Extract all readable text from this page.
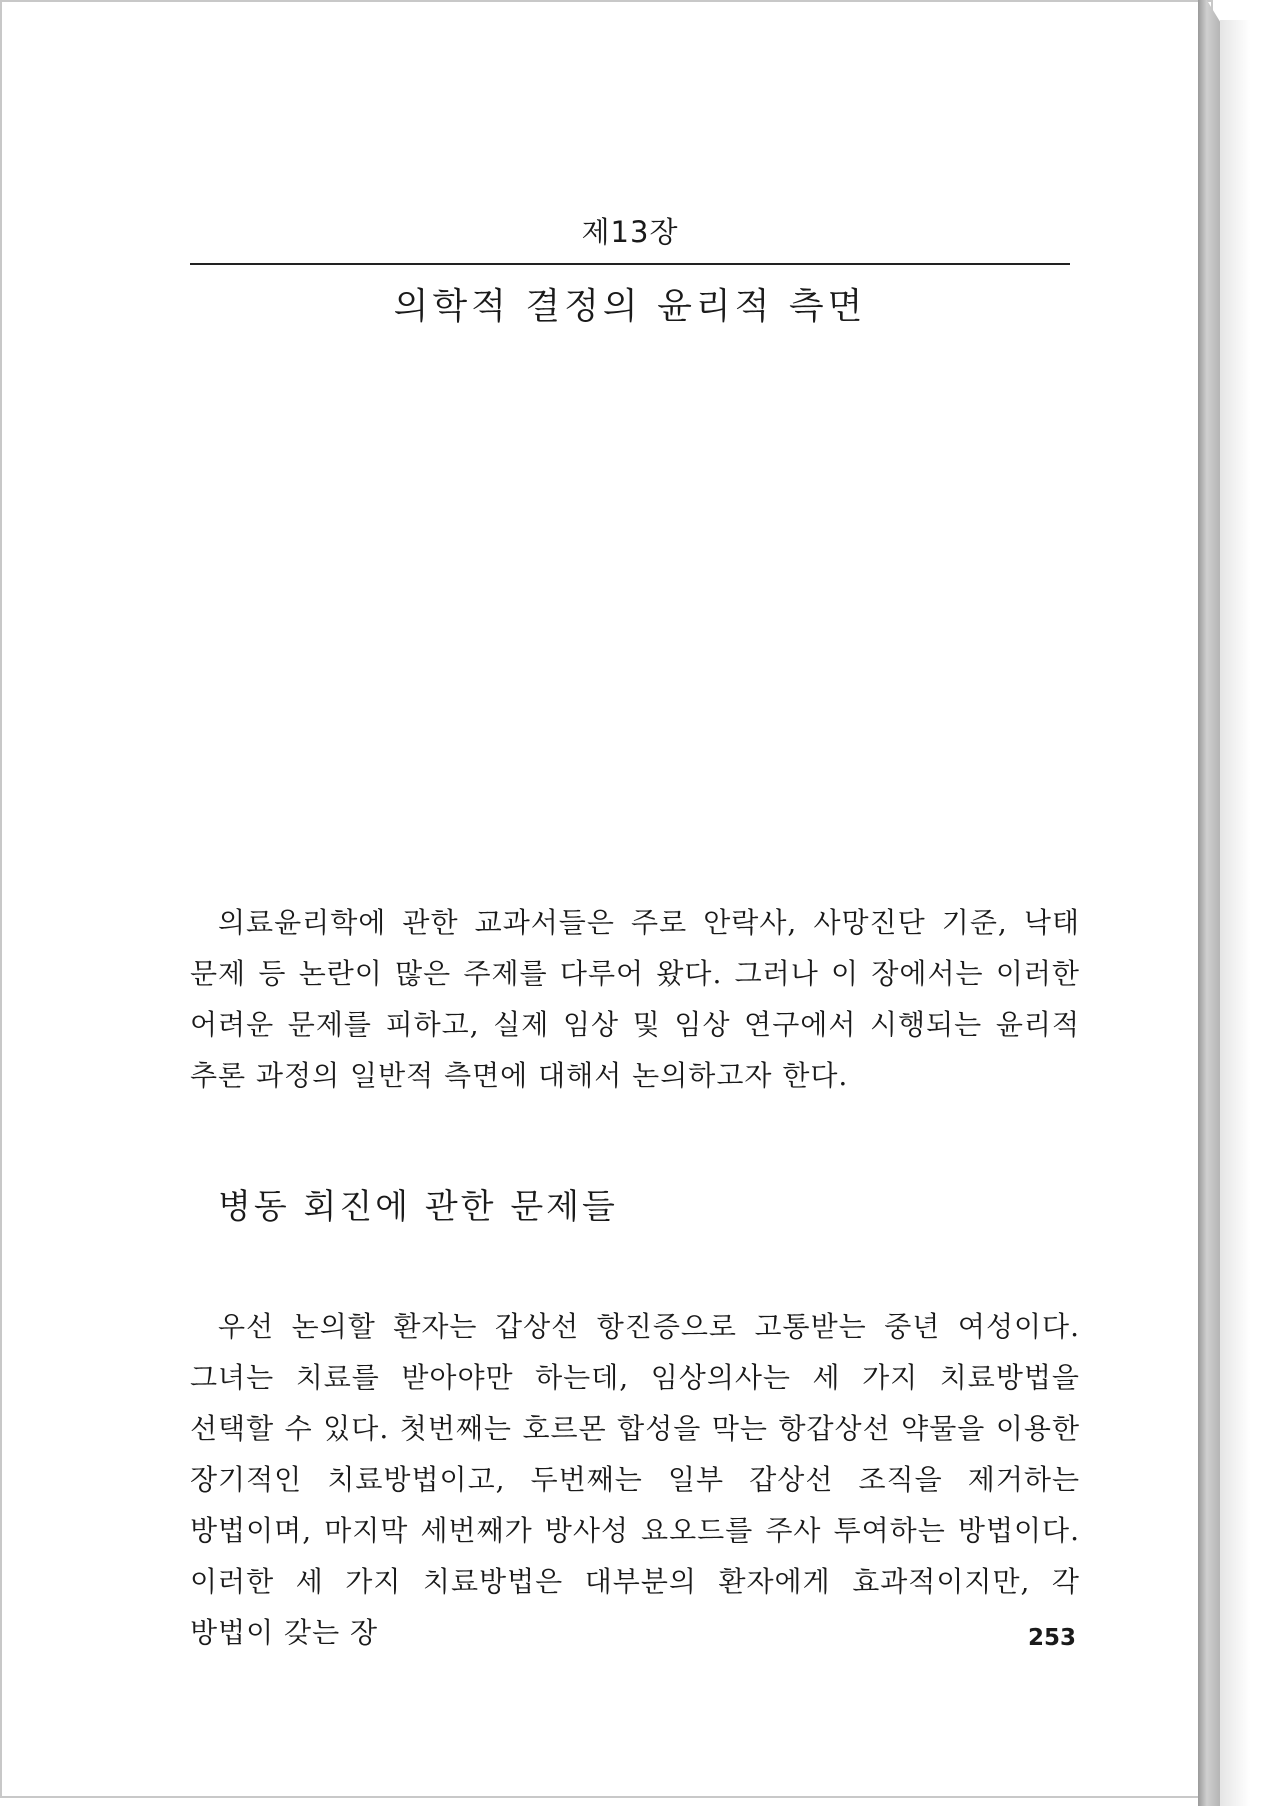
제13장
의학적 결정의 윤리적 측면

의료윤리학에 관한 교과서들은 주로 안락사, 사망진단 기준, 낙태 문제 등 논란이 많은 주제를 다루어 왔다. 그러나 이 장에서는 이러한 어려운 문제를 피하고, 실제 임상 및 임상 연구에서 시행되는 윤리적 추론 과정의 일반적 측면에 대해서 논의하고자 한다.

병동 회진에 관한 문제들

우선 논의할 환자는 갑상선 항진증으로 고통받는 중년 여성이다. 그녀는 치료를 받아야만 하는데, 임상의사는 세 가지 치료방법을 선택할 수 있다. 첫번째는 호르몬 합성을 막는 항갑상선 약물을 이용한 장기적인 치료방법이고, 두번째는 일부 갑상선 조직을 제거하는 방법이며, 마지막 세번째가 방사성 요오드를 주사 투여하는 방법이다. 이러한 세 가지 치료방법은 대부분의 환자에게 효과적이지만, 각 방법이 갖는 장	253
